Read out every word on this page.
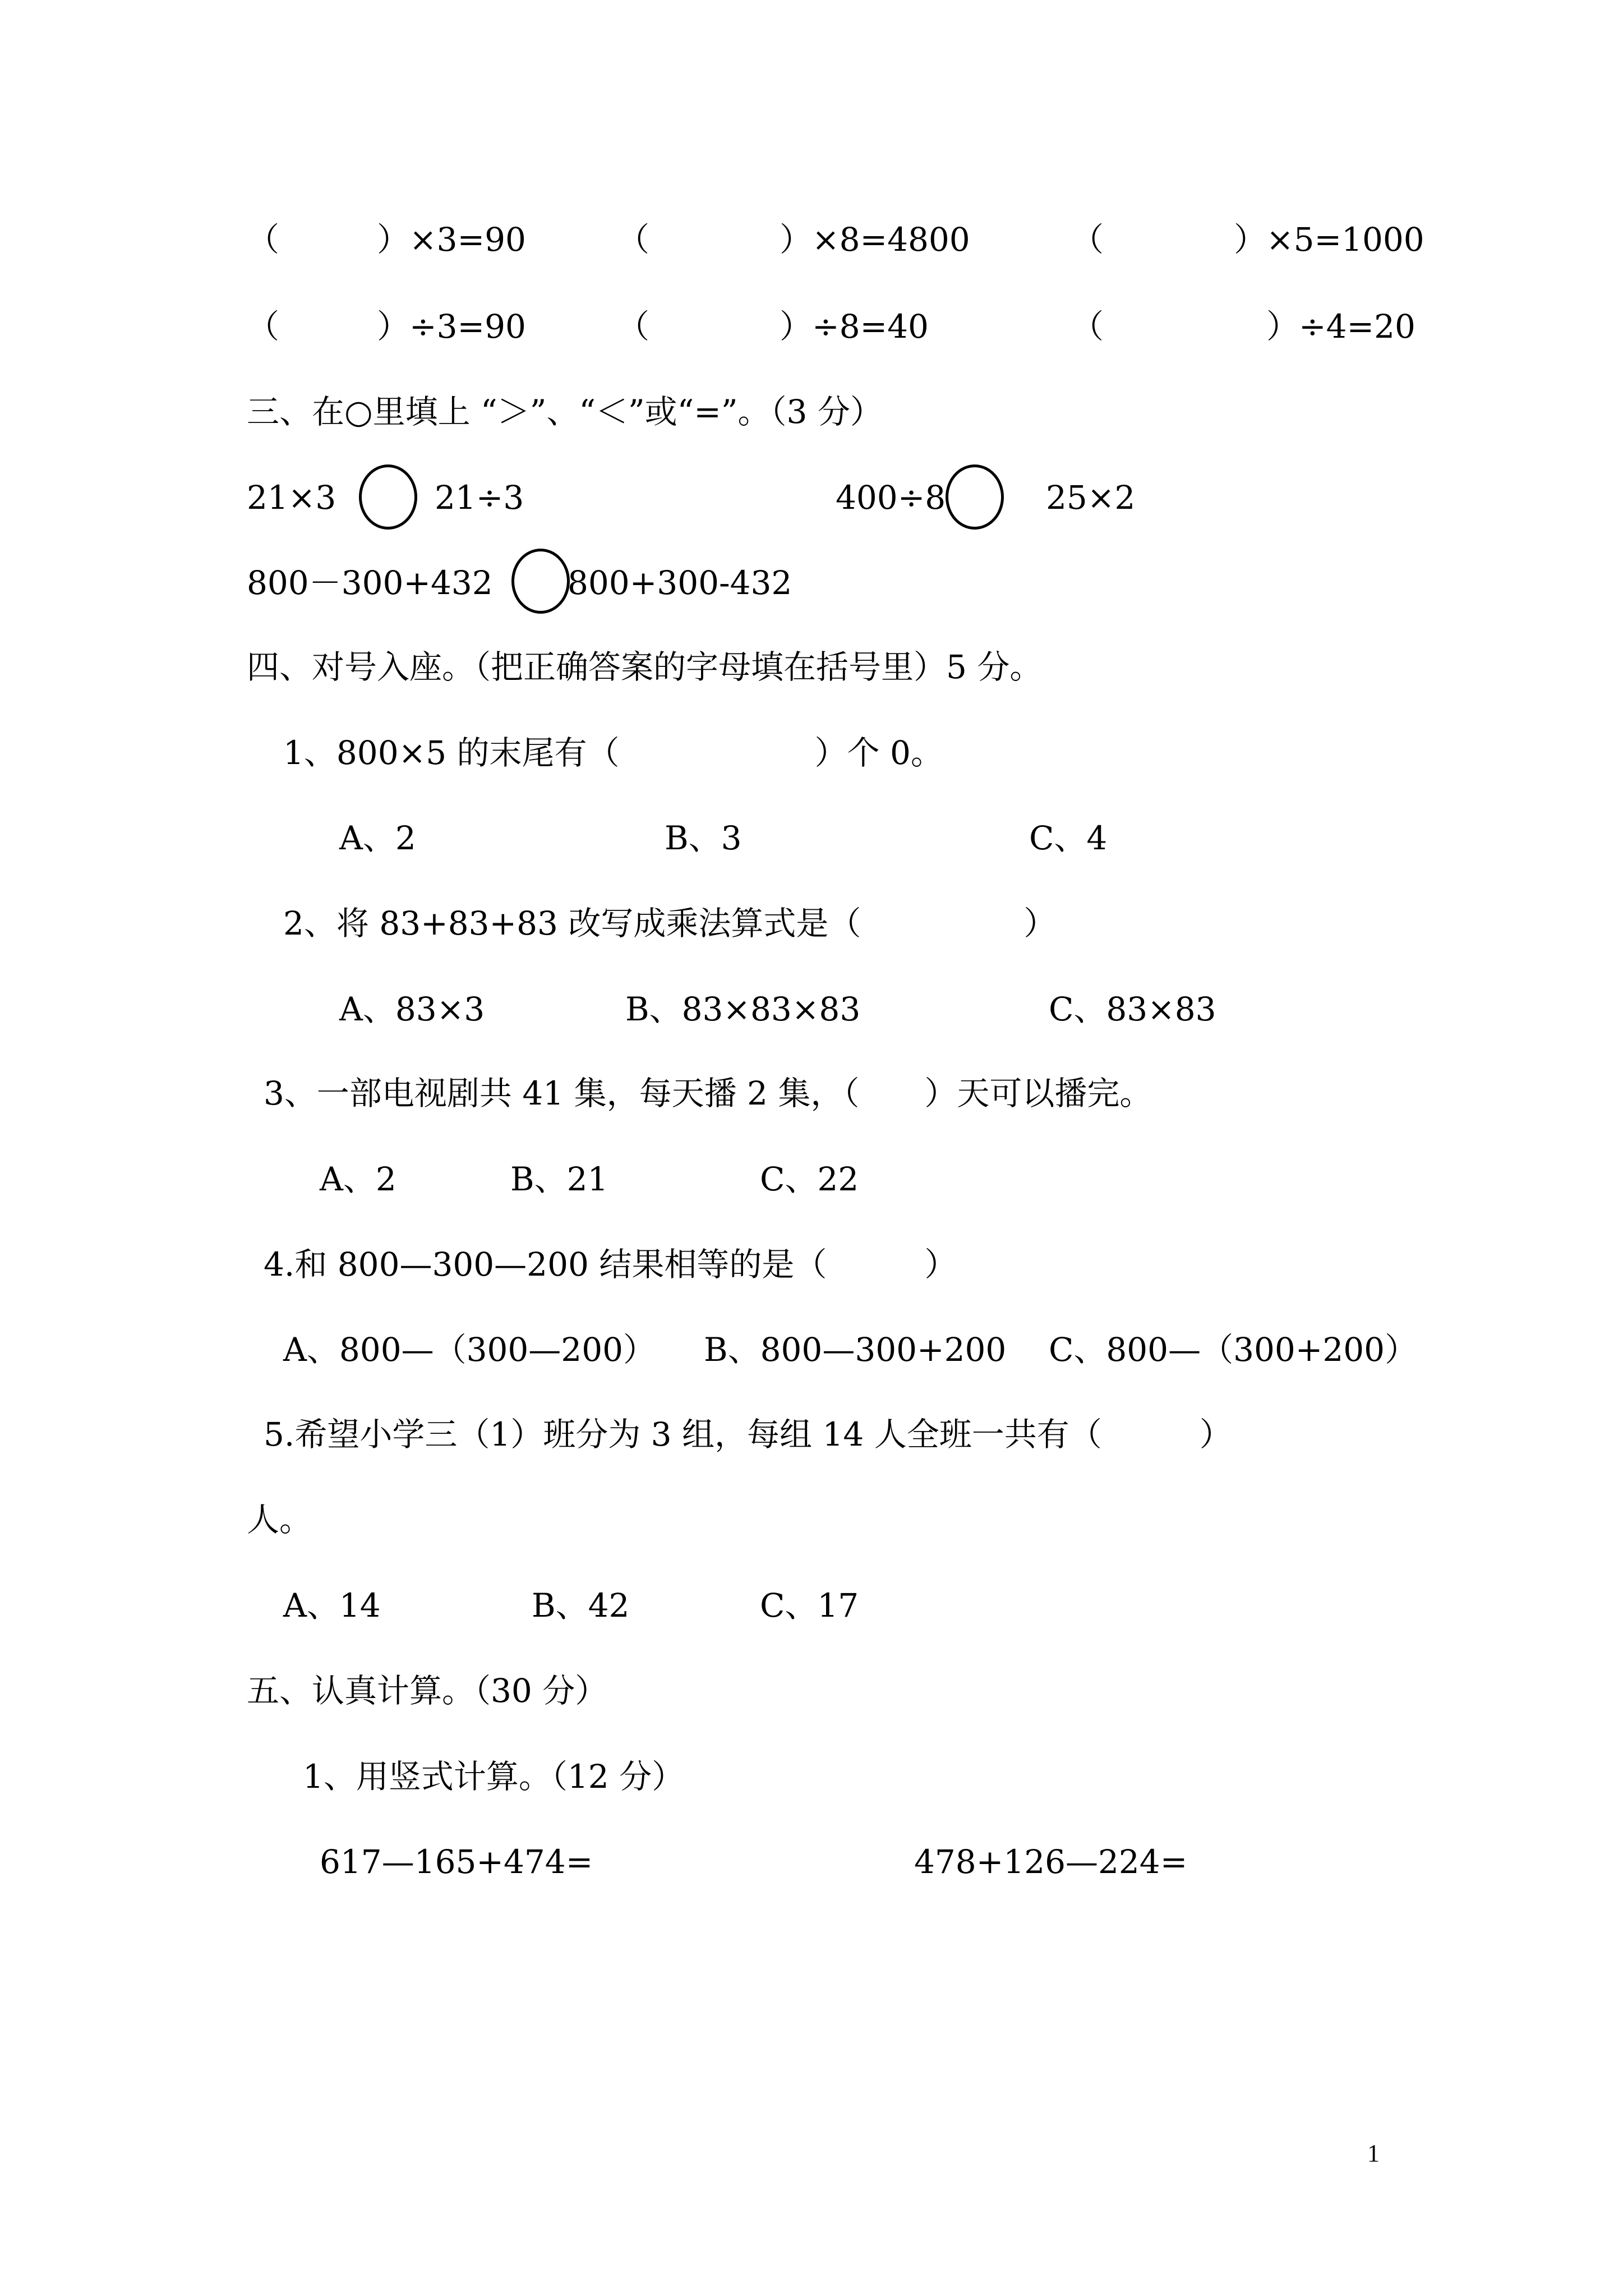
（　　　）×3=90	（　　　　）×8=4800	（　　　　）×5=1000
（　　　）÷3=90	（　　　　）÷8=40	（　　　　　）÷4=20
三、在○里填上 “＞”、“＜”或“=”。（3 分）
21×3	21÷3	400÷8	25×2
800－300+432 800+300-432
四、对号入座。（把正确答案的字母填在括号里）5 分。
1、800×5 的末尾有（　　　　　　）个 0。
A、2	B、3	C、4
2、将 83+83+83 改写成乘法算式是（　　　　　）
A、83×3	B、83×83×83	C、83×83
3、一部电视剧共 41 集，每天播 2 集，（　　）天可以播完。
A、2	B、21	C、22
4.和 800—300—200 结果相等的是（　　　）
A、800—（300—200） B、800—300+200 C、800—（300+200）
5.希望小学三（1）班分为 3 组，每组 14 人全班一共有（　　　）
人。
A、14	B、42	C、17
五、认真计算。（30 分）
1、用竖式计算。（12 分）
617—165+474=	478+126—224=
1
